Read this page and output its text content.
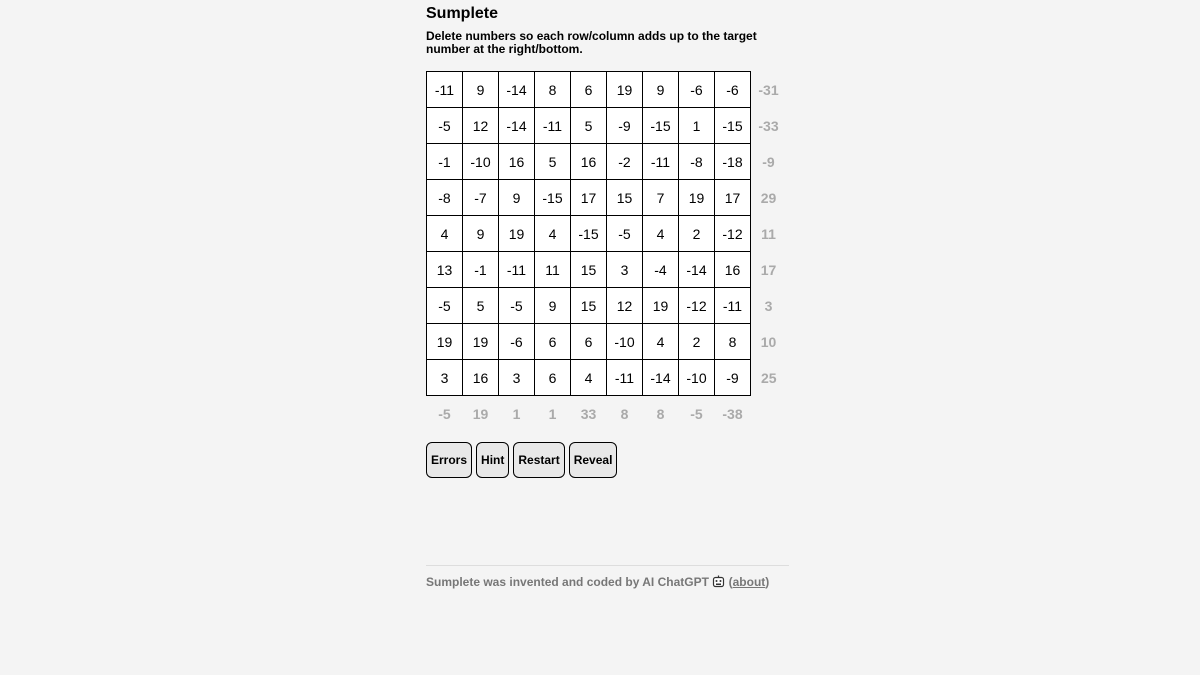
Sumplete
Delete numbers so each row/column adds up to the target number at the right/bottom.
-11	9	-14	8	6	19	9	-6	-6	-31
-5	12	-14	-11	5	-9	-15	1	-15	-33
-1	-10	16	5	16	-2	-11	-8	-18	-9
-8	-7	9	-15	17	15	7	19	17	29
4	9	19	4	-15	-5	4	2	-12	11
13	-1	-11	11	15	3	-4	-14	16	17
-5	5	-5	9	15	12	19	-12	-11	3
19	19	-6	6	6	-10	4	2	8	10
3	16	3	6	4	-11	-14	-10	-9	25
-5	19	1	1	33	8	8	-5	-38	
Errors	Hint	Restart	Reveal
Sumplete was invented and coded by AI ChatGPT (about)
